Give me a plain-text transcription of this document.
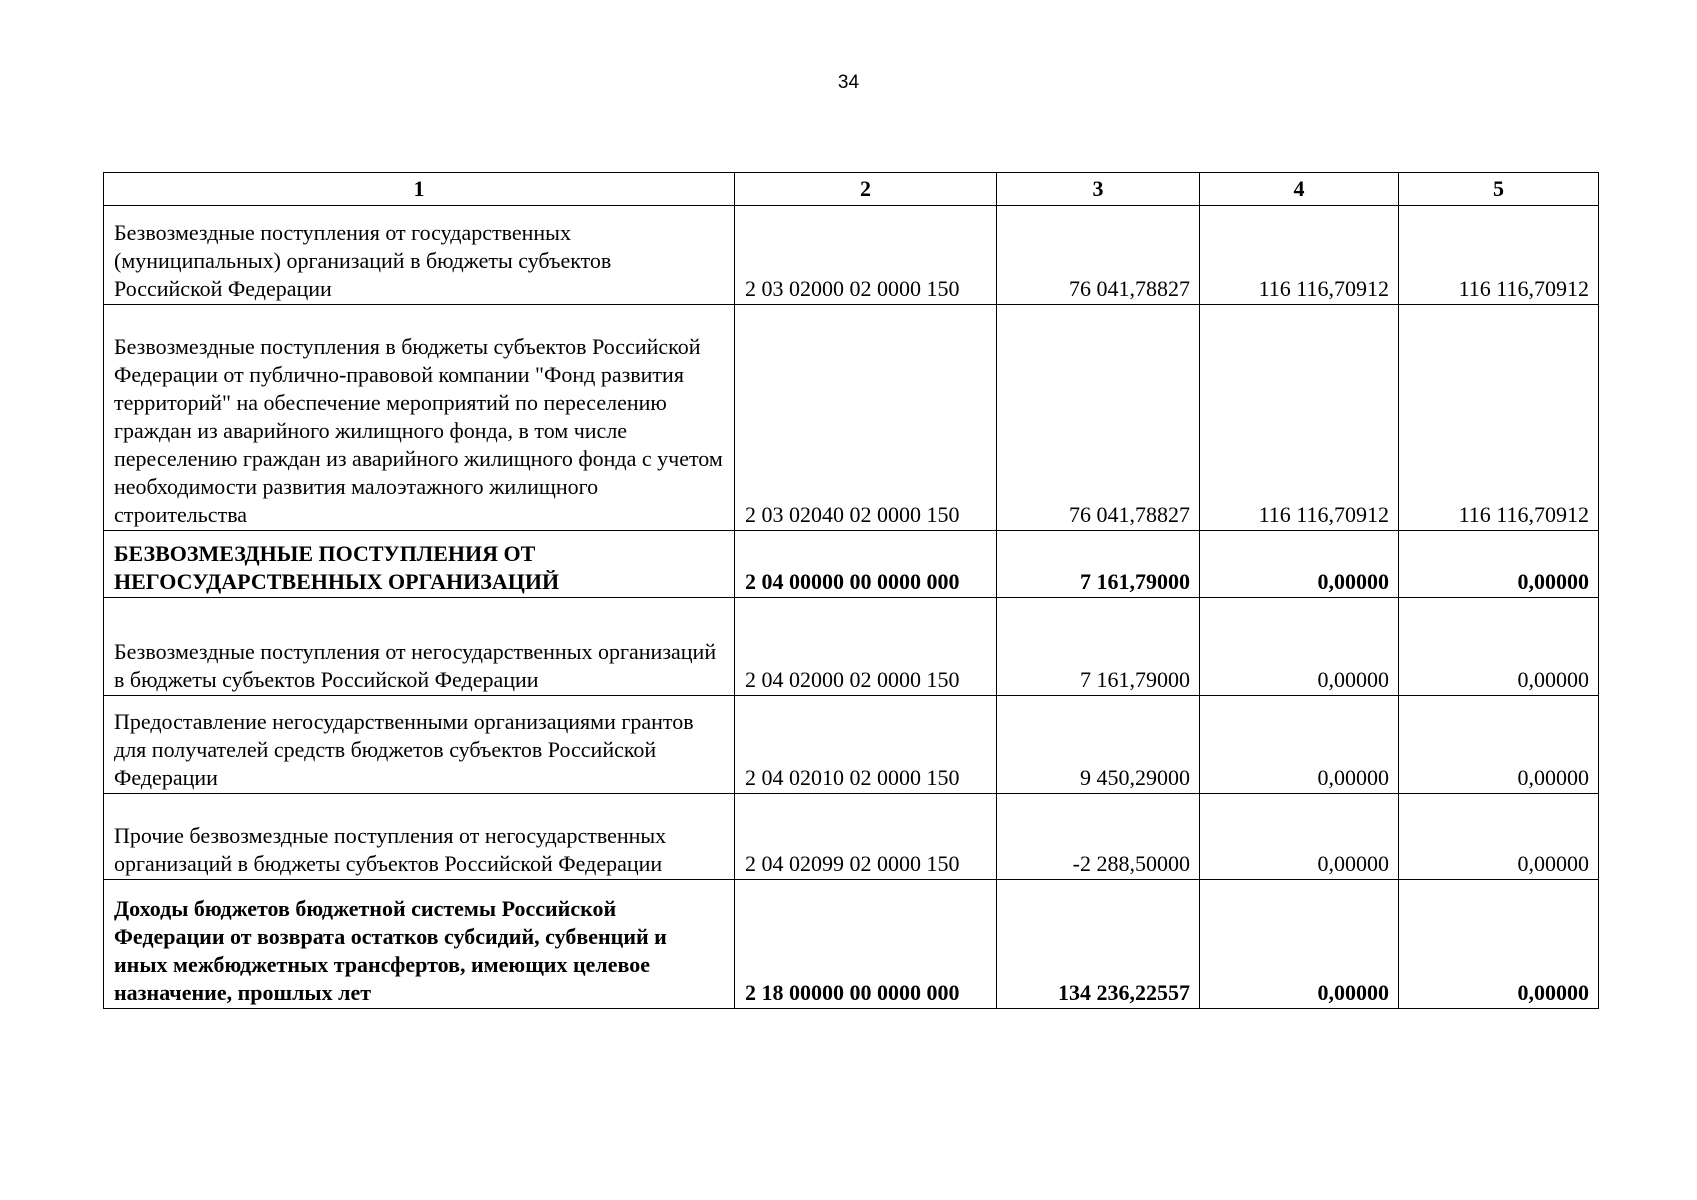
34
1	2	3	4	5
Безвозмездные поступления от государственных (муниципальных) организаций в бюджеты субъектов Российской Федерации	2 03 02000 02 0000 150	76 041,78827	116 116,70912	116 116,70912
Безвозмездные поступления в бюджеты субъектов Российской Федерации от публично-правовой компании "Фонд развития территорий" на обеспечение мероприятий по переселению граждан из аварийного жилищного фонда, в том числе переселению граждан из аварийного жилищного фонда с учетом необходимости развития малоэтажного жилищного строительства	2 03 02040 02 0000 150	76 041,78827	116 116,70912	116 116,70912
БЕЗВОЗМЕЗДНЫЕ ПОСТУПЛЕНИЯ ОТ НЕГОСУДАРСТВЕННЫХ ОРГАНИЗАЦИЙ	2 04 00000 00 0000 000	7 161,79000	0,00000	0,00000
Безвозмездные поступления от негосударственных организаций в бюджеты субъектов Российской Федерации	2 04 02000 02 0000 150	7 161,79000	0,00000	0,00000
Предоставление негосударственными организациями грантов для получателей средств бюджетов субъектов Российской Федерации	2 04 02010 02 0000 150	9 450,29000	0,00000	0,00000
Прочие безвозмездные поступления от негосударственных организаций в бюджеты субъектов Российской Федерации	2 04 02099 02 0000 150	-2 288,50000	0,00000	0,00000
Доходы бюджетов бюджетной системы Российской Федерации от возврата остатков субсидий, субвенций и иных межбюджетных трансфертов, имеющих целевое назначение, прошлых лет	2 18 00000 00 0000 000	134 236,22557	0,00000	0,00000
